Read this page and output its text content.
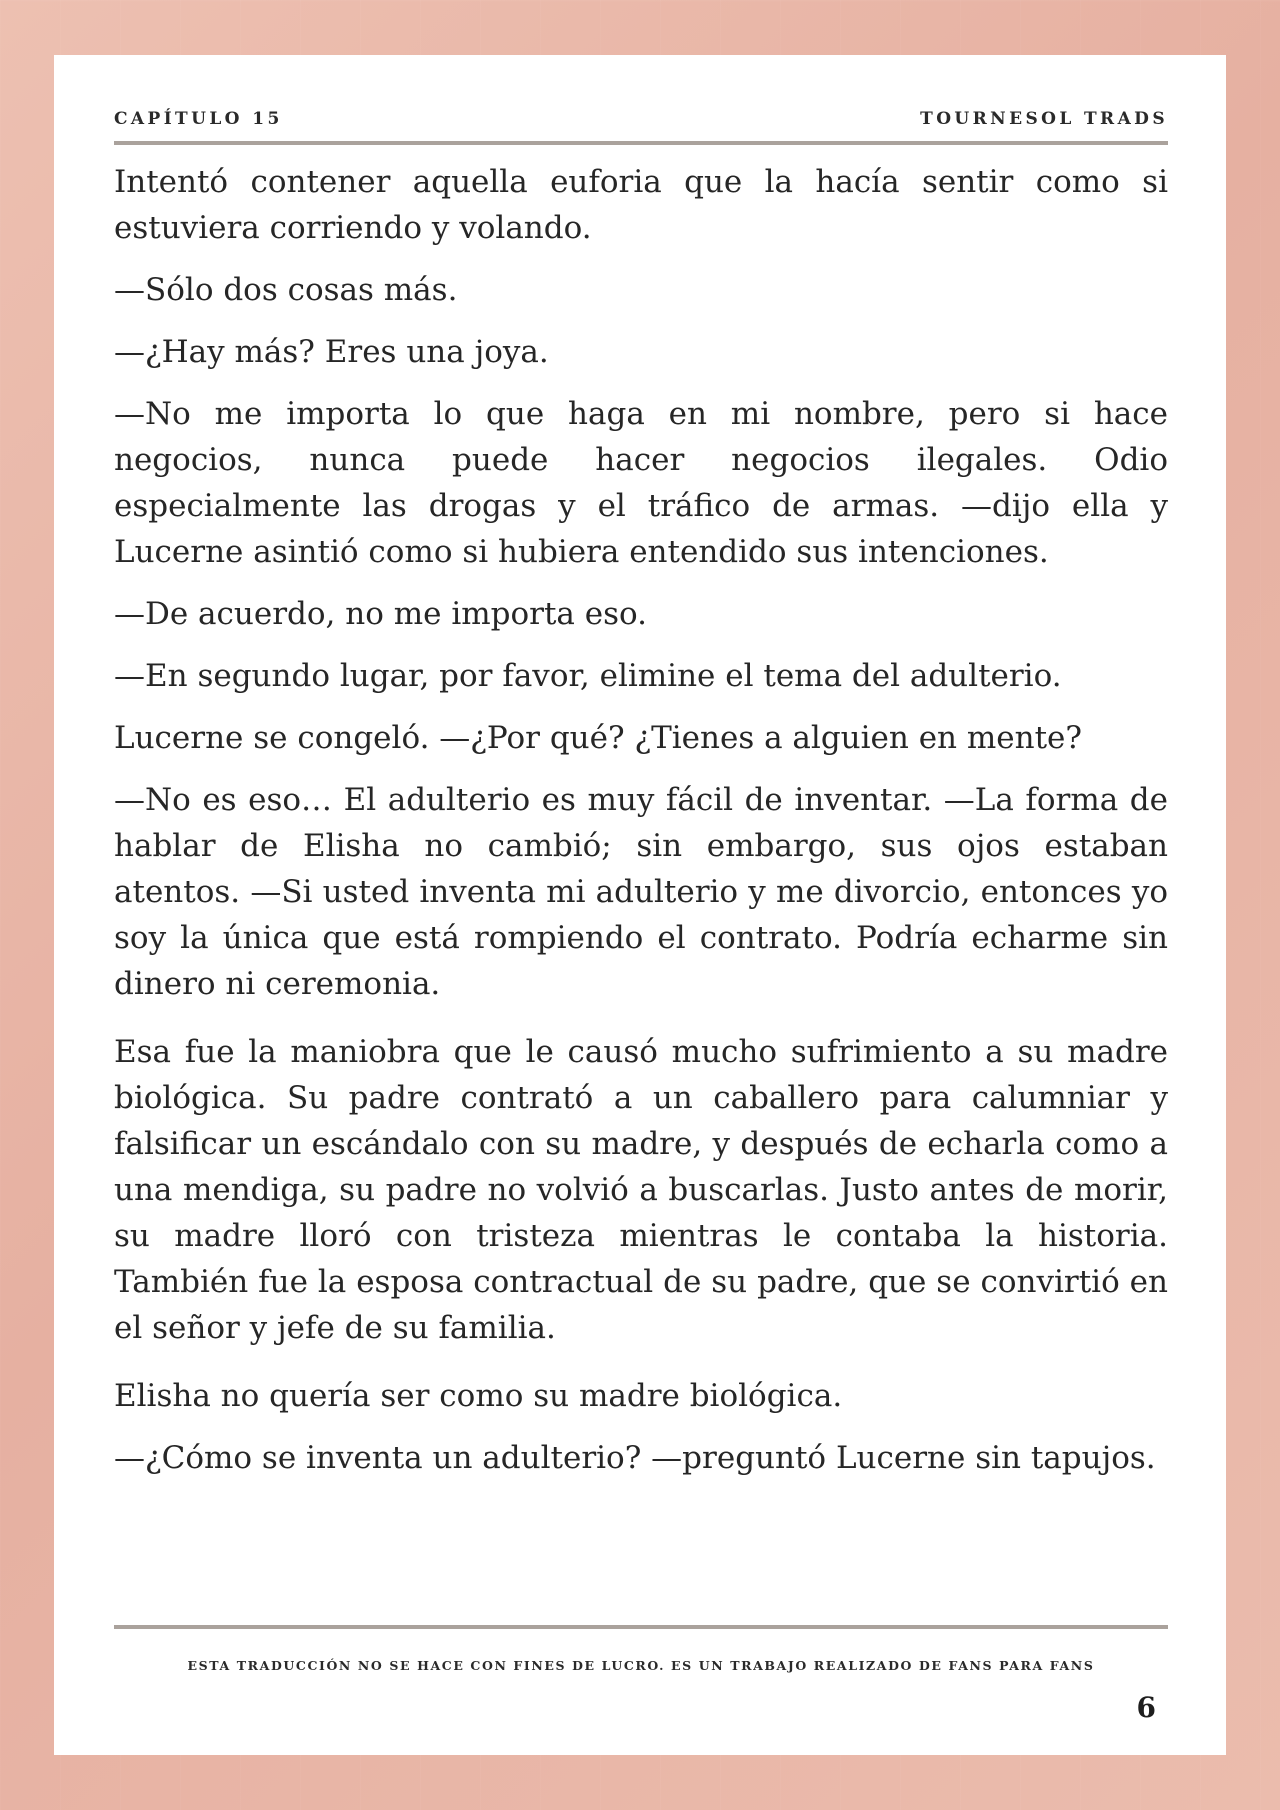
CAPÍTULO 15	TOURNESOL TRADS

Intentó contener aquella euforia que la hacía sentir como si estuviera corriendo y volando.

—Sólo dos cosas más.

—¿Hay más? Eres una joya.

—No me importa lo que haga en mi nombre, pero si hace negocios, nunca puede hacer negocios ilegales. Odio especialmente las drogas y el tráfico de armas. —dijo ella y Lucerne asintió como si hubiera entendido sus intenciones.

—De acuerdo, no me importa eso.

—En segundo lugar, por favor, elimine el tema del adulterio.

Lucerne se congeló. —¿Por qué? ¿Tienes a alguien en mente?

—No es eso… El adulterio es muy fácil de inventar. —La forma de hablar de Elisha no cambió; sin embargo, sus ojos estaban atentos. —Si usted inventa mi adulterio y me divorcio, entonces yo soy la única que está rompiendo el contrato. Podría echarme sin dinero ni ceremonia.

Esa fue la maniobra que le causó mucho sufrimiento a su madre biológica. Su padre contrató a un caballero para calumniar y falsificar un escándalo con su madre, y después de echarla como a una mendiga, su padre no volvió a buscarlas. Justo antes de morir, su madre lloró con tristeza mientras le contaba la historia. También fue la esposa contractual de su padre, que se convirtió en el señor y jefe de su familia.

Elisha no quería ser como su madre biológica.

—¿Cómo se inventa un adulterio? —preguntó Lucerne sin tapujos.

ESTA TRADUCCIÓN NO SE HACE CON FINES DE LUCRO. ES UN TRABAJO REALIZADO DE FANS PARA FANS
6
